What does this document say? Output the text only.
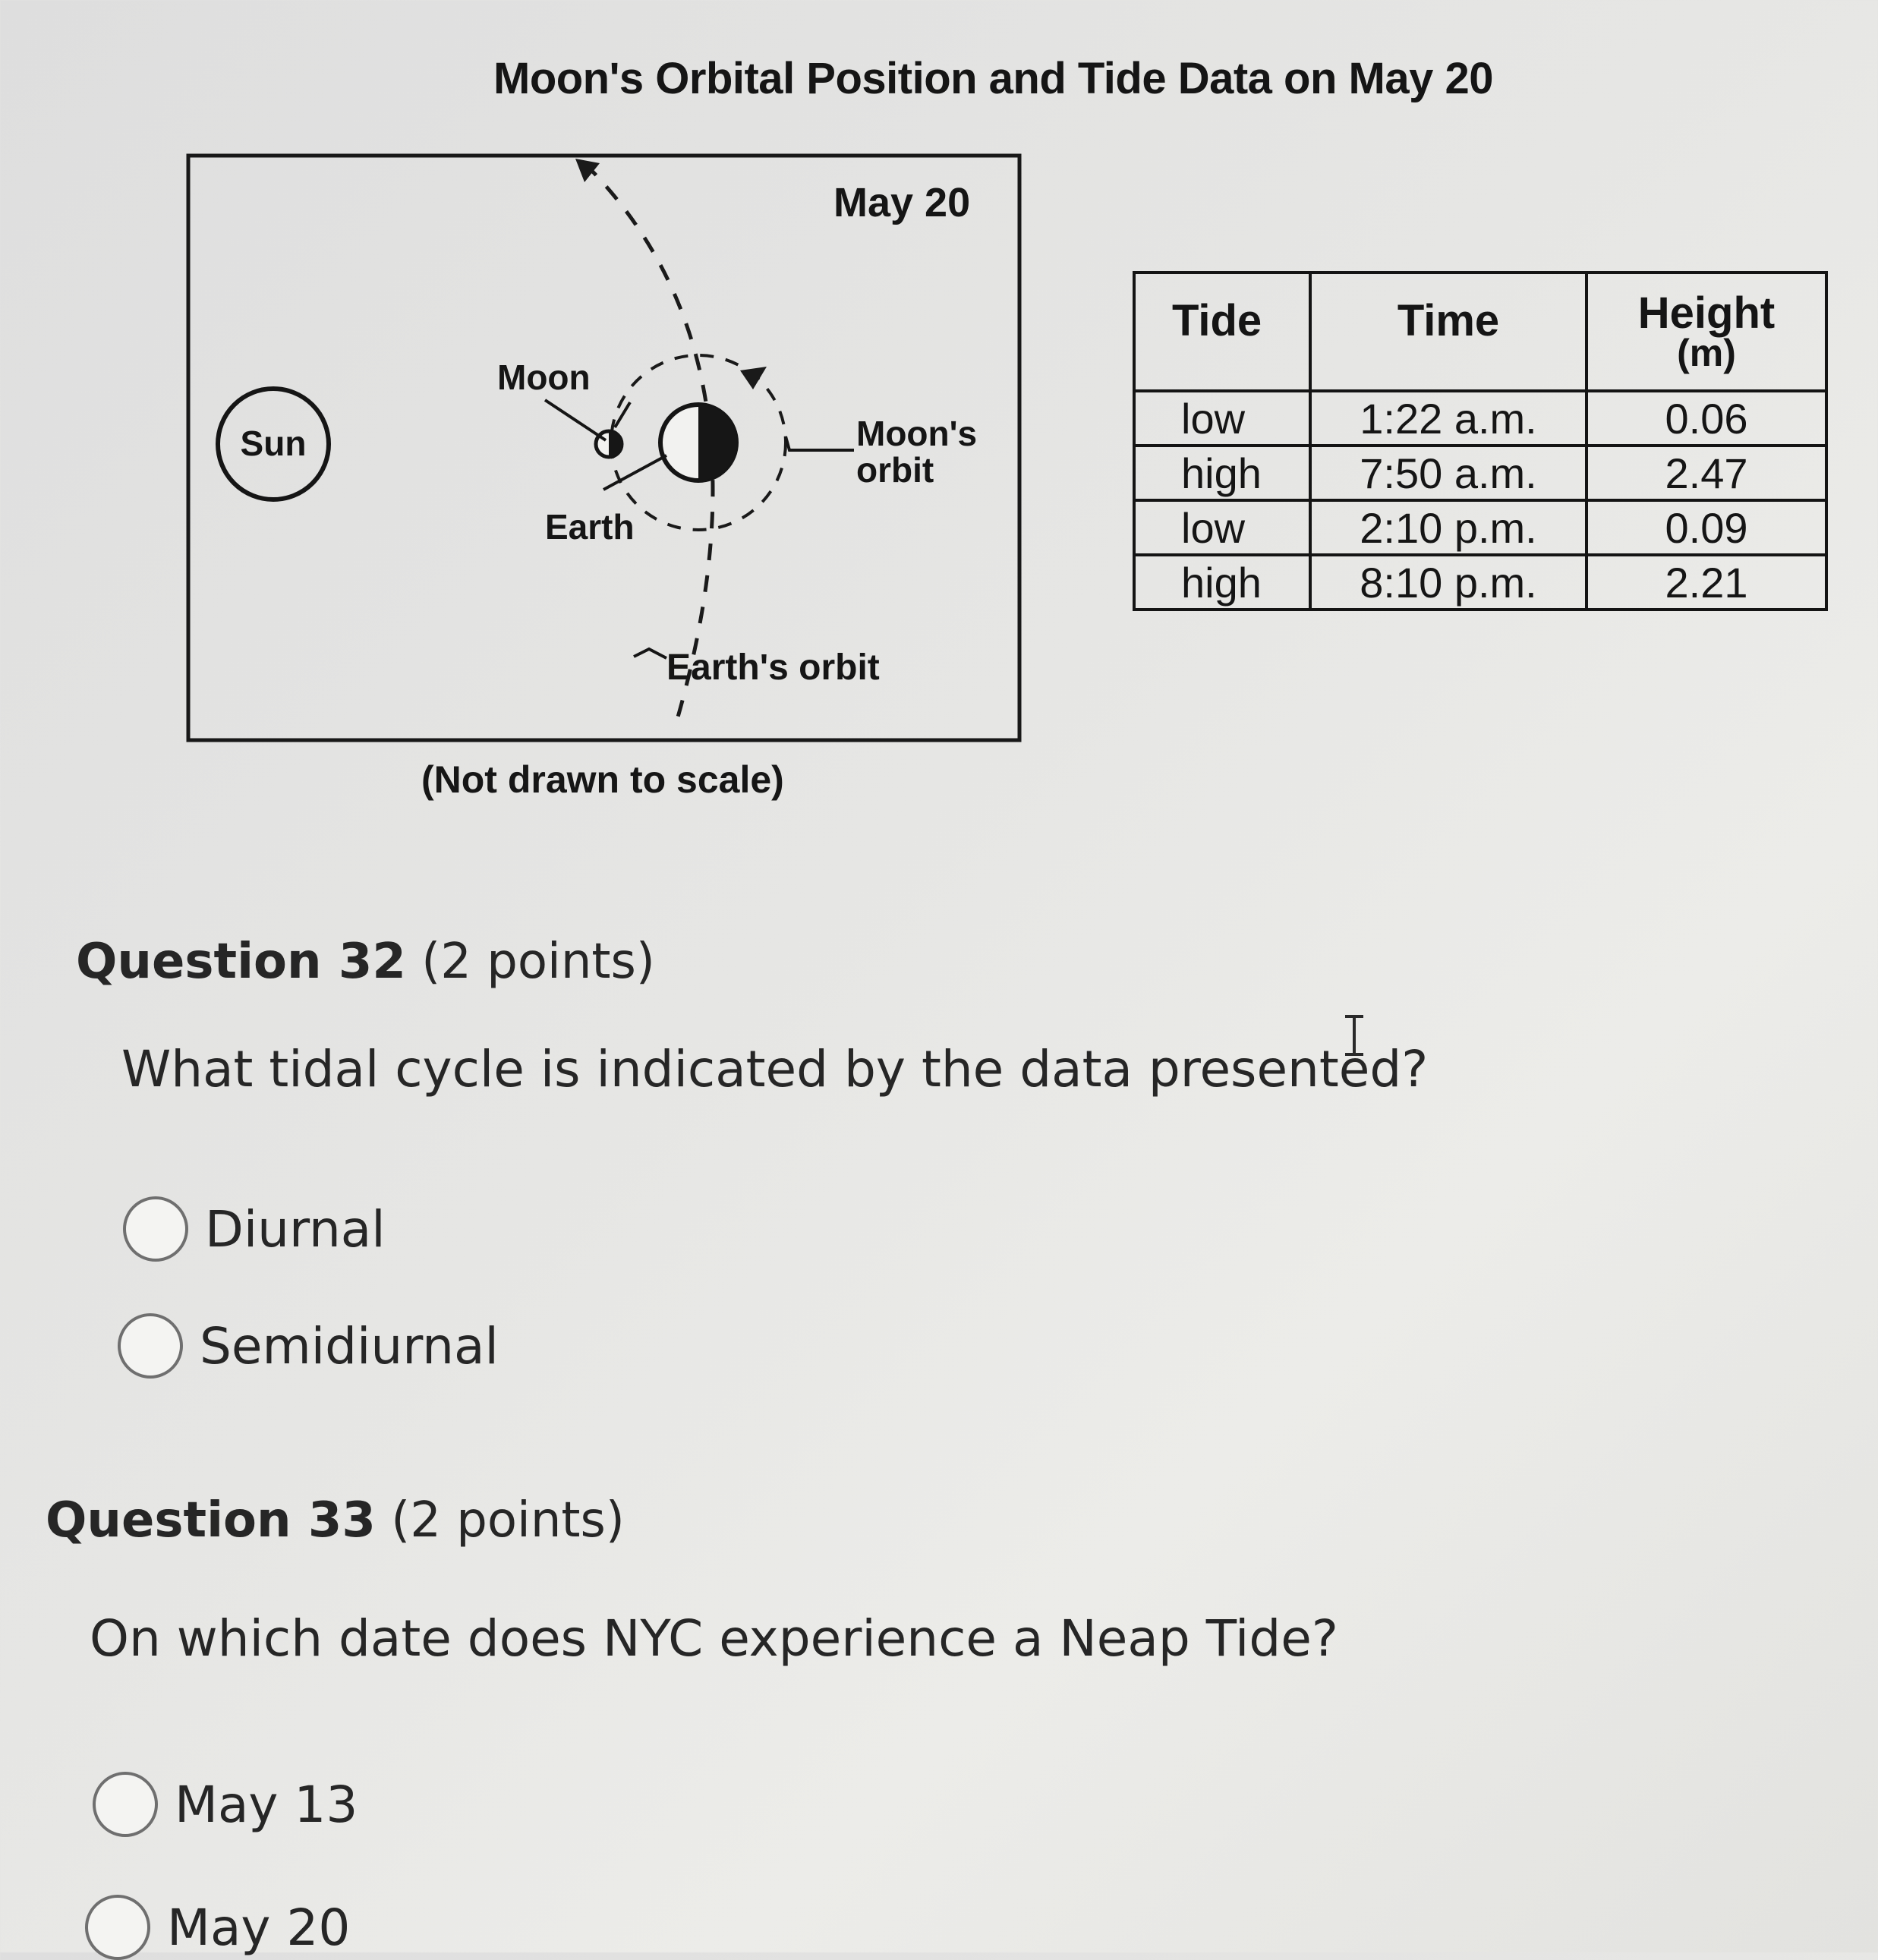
Moon's Orbital Position and Tide Data on May 20
Sun
May 20
Moon
Earth
Moon's
orbit
Earth's orbit
(Not drawn to scale)
Tide	Time	Height
(m)

low	1:22 a.m.	0.06
high	7:50 a.m.	2.47
low	2:10 p.m.	0.09
high	8:10 p.m.	2.21
Question 32 (2 points)
What tidal cycle is indicated by the data presented?
Diurnal
Semidiurnal
Question 33 (2 points)
On which date does NYC experience a Neap Tide?
May 13
May 20
